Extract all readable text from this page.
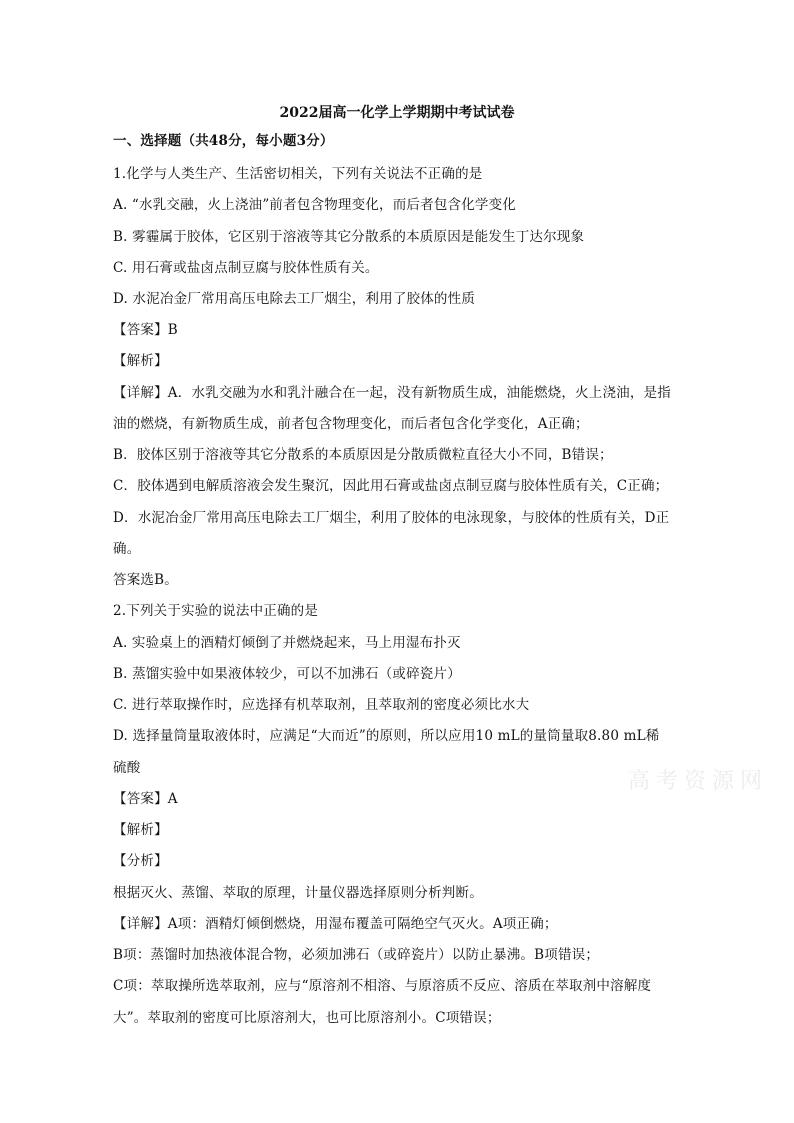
2022届高一化学上学期期中考试试卷
一、选择题（共48分，每小题3分）
1.化学与人类生产、生活密切相关，下列有关说法不正确的是
A. “水乳交融，火上浇油”前者包含物理变化，而后者包含化学变化
B. 雾霾属于胶体，它区别于溶液等其它分散系的本质原因是能发生丁达尔现象
C. 用石膏或盐卤点制豆腐与胶体性质有关。
D. 水泥冶金厂常用高压电除去工厂烟尘，利用了胶体的性质
【答案】B
【解析】
【详解】A．水乳交融为水和乳汁融合在一起，没有新物质生成，油能燃烧，火上浇油，是指
油的燃烧，有新物质生成，前者包含物理变化，而后者包含化学变化，A正确；
B．胶体区别于溶液等其它分散系的本质原因是分散质微粒直径大小不同，B错误；
C．胶体遇到电解质溶液会发生聚沉，因此用石膏或盐卤点制豆腐与胶体性质有关，C正确；
D．水泥冶金厂常用高压电除去工厂烟尘，利用了胶体的电泳现象，与胶体的性质有关，D正
确。
答案选B。
2.下列关于实验的说法中正确的是
A. 实验桌上的酒精灯倾倒了并燃烧起来，马上用湿布扑灭
B. 蒸馏实验中如果液体较少，可以不加沸石（或碎瓷片）
C. 进行萃取操作时，应选择有机萃取剂，且萃取剂的密度必须比水大
D. 选择量筒量取液体时，应满足“大而近”的原则，所以应用10 mL的量筒量取8.80 mL稀
硫酸
【答案】A
【解析】
【分析】
根据灭火、蒸馏、萃取的原理，计量仪器选择原则分析判断。
【详解】A项：酒精灯倾倒燃烧，用湿布覆盖可隔绝空气灭火。A项正确；
B项：蒸馏时加热液体混合物，必须加沸石（或碎瓷片）以防止暴沸。B项错误；
C项：萃取操所选萃取剂，应与“原溶剂不相溶、与原溶质不反应、溶质在萃取剂中溶解度
大”。萃取剂的密度可比原溶剂大，也可比原溶剂小。C项错误；
高考资源网
